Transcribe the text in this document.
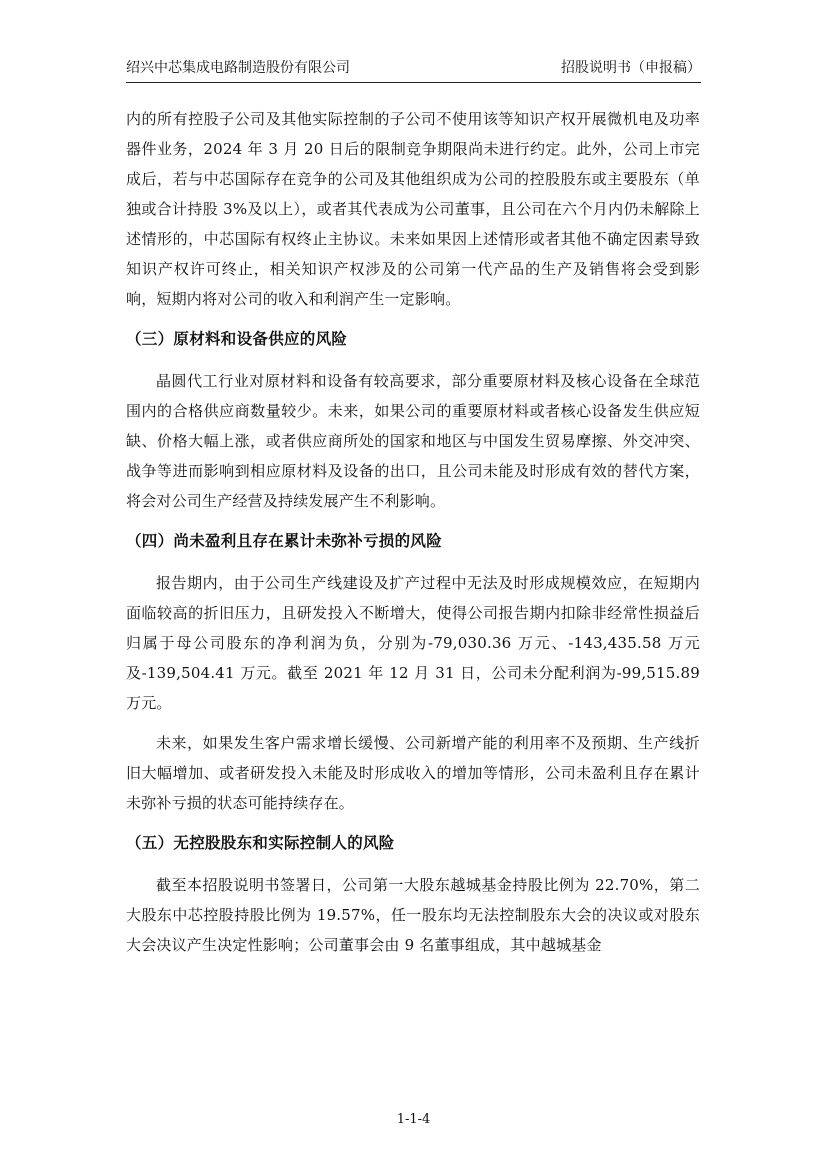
绍兴中芯集成电路制造股份有限公司	招股说明书（申报稿）

内的所有控股子公司及其他实际控制的子公司不使用该等知识产权开展微机电及功率器件业务，2024 年 3 月 20 日后的限制竞争期限尚未进行约定。此外，公司上市完成后，若与中芯国际存在竞争的公司及其他组织成为公司的控股股东或主要股东（单独或合计持股 3%及以上），或者其代表成为公司董事，且公司在六个月内仍未解除上述情形的，中芯国际有权终止主协议。未来如果因上述情形或者其他不确定因素导致知识产权许可终止，相关知识产权涉及的公司第一代产品的生产及销售将会受到影响，短期内将对公司的收入和利润产生一定影响。

（三）原材料和设备供应的风险

晶圆代工行业对原材料和设备有较高要求，部分重要原材料及核心设备在全球范围内的合格供应商数量较少。未来，如果公司的重要原材料或者核心设备发生供应短缺、价格大幅上涨，或者供应商所处的国家和地区与中国发生贸易摩擦、外交冲突、战争等进而影响到相应原材料及设备的出口，且公司未能及时形成有效的替代方案，将会对公司生产经营及持续发展产生不利影响。

（四）尚未盈利且存在累计未弥补亏损的风险

报告期内，由于公司生产线建设及扩产过程中无法及时形成规模效应，在短期内面临较高的折旧压力，且研发投入不断增大，使得公司报告期内扣除非经常性损益后归属于母公司股东的净利润为负，分别为-79,030.36 万元、-143,435.58 万元及-139,504.41 万元。截至 2021 年 12 月 31 日，公司未分配利润为-99,515.89 万元。

未来，如果发生客户需求增长缓慢、公司新增产能的利用率不及预期、生产线折旧大幅增加、或者研发投入未能及时形成收入的增加等情形，公司未盈利且存在累计未弥补亏损的状态可能持续存在。

（五）无控股股东和实际控制人的风险

截至本招股说明书签署日，公司第一大股东越城基金持股比例为 22.70%，第二大股东中芯控股持股比例为 19.57%，任一股东均无法控制股东大会的决议或对股东大会决议产生决定性影响；公司董事会由 9 名董事组成，其中越城基金

1-1-4
